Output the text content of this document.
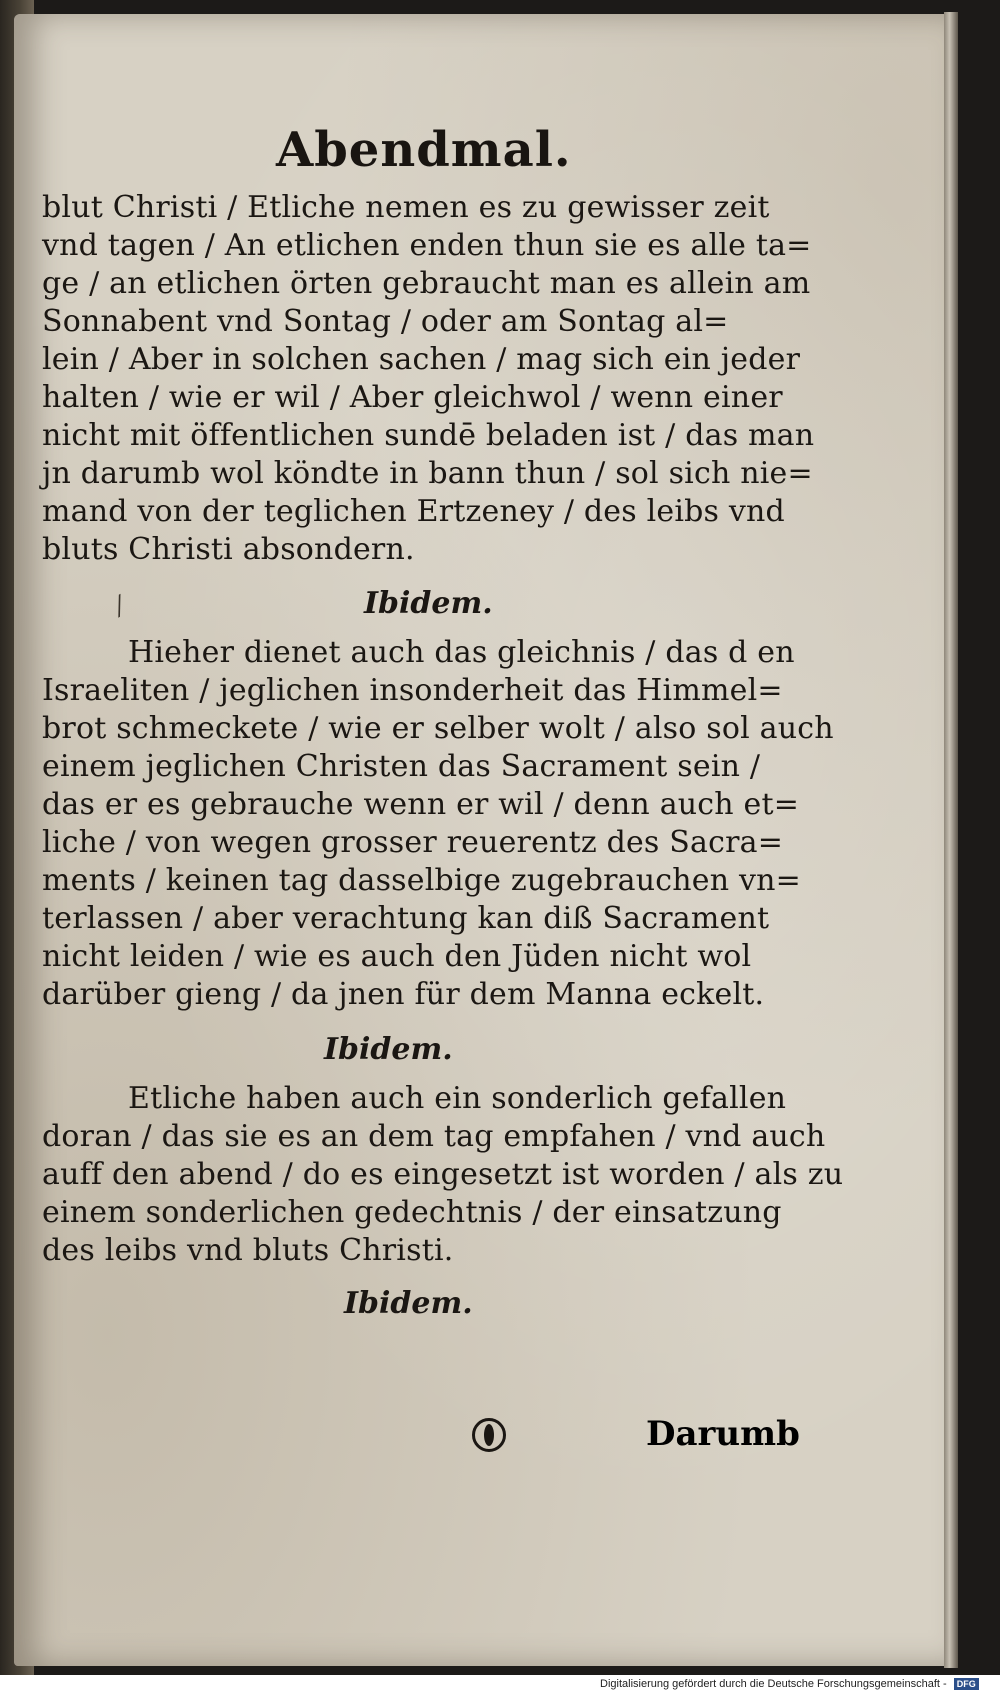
Abendmal.
blut Christi / Etliche nemen es zu gewisser zeit
vnd tagen / An etlichen enden thun sie es alle ta=
ge / an etlichen örten gebraucht man es allein am
Sonnabent vnd Sontag / oder am Sontag al=
lein / Aber in solchen sachen / mag sich ein jeder
halten / wie er wil / Aber gleichwol / wenn einer
nicht mit öffentlichen sundē beladen ist / das man
jn darumb wol köndte in bann thun / sol sich nie=
mand von der teglichen Ertzeney / des leibs vnd
bluts Christi absondern.
Ibidem.
Hieher dienet auch das gleichnis / das d en
Israeliten / jeglichen insonderheit das Himmel=
brot schmeckete / wie er selber wolt / also sol auch
einem jeglichen Christen das Sacrament sein /
das er es gebrauche wenn er wil / denn auch et=
liche / von wegen grosser reuerentz des Sacra=
ments / keinen tag dasselbige zugebrauchen vn=
terlassen / aber verachtung kan diß Sacrament
nicht leiden / wie es auch den Jüden nicht wol
darüber gieng / da jnen für dem Manna eckelt.
Ibidem.
Etliche haben auch ein sonderlich gefallen
doran / das sie es an dem tag empfahen / vnd auch
auff den abend / do es eingesetzt ist worden / als zu
einem sonderlichen gedechtnis / der einsatzung
des leibs vnd bluts Christi.
Ibidem.
Darumb
⁄
Digitalisierung gefördert durch die Deutsche Forschungsgemeinschaft - DFG
